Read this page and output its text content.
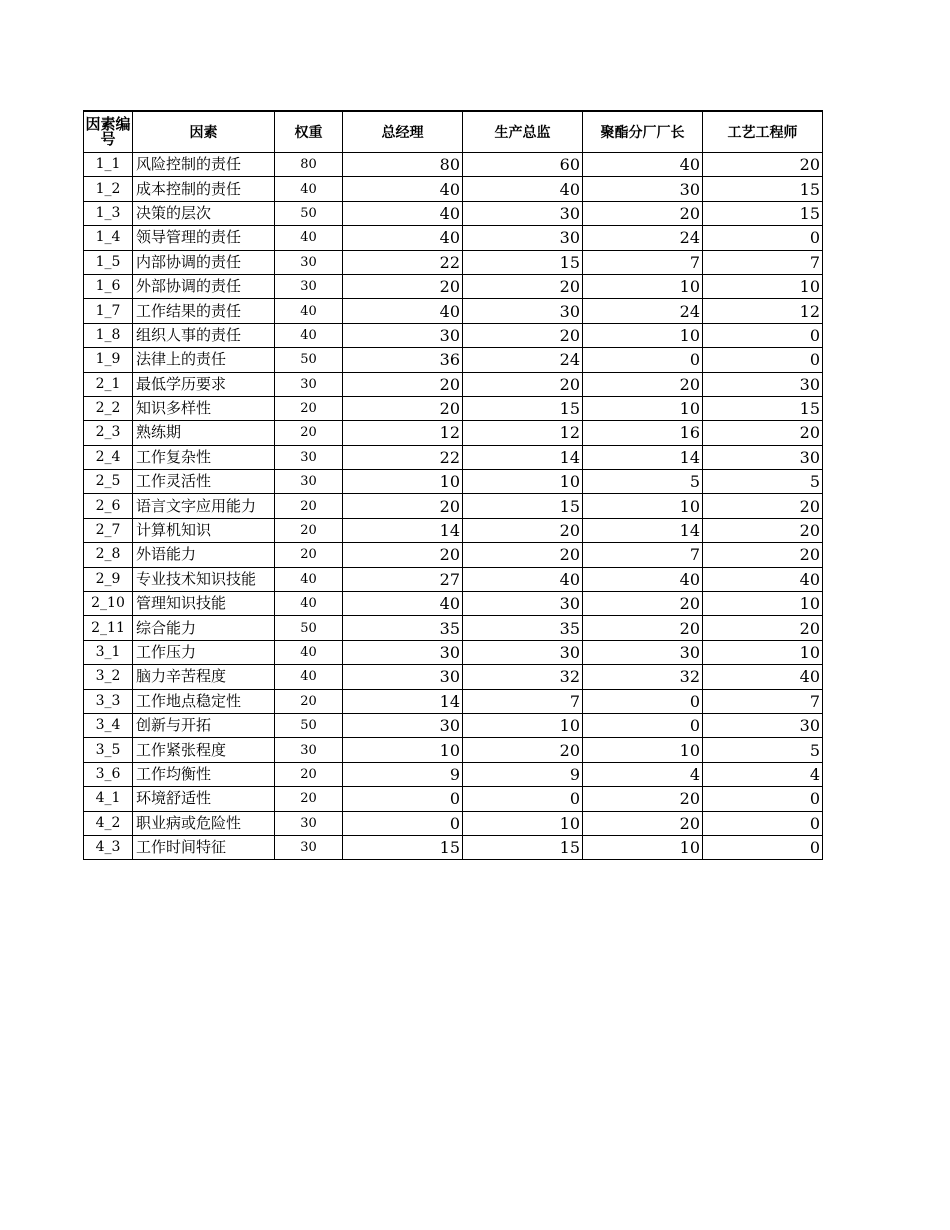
因素编号	因素	权重	总经理	生产总监	聚酯分厂厂长	工艺工程师
1_1	风险控制的责任	80	80	60	40	20
1_2	成本控制的责任	40	40	40	30	15
1_3	决策的层次	50	40	30	20	15
1_4	领导管理的责任	40	40	30	24	0
1_5	内部协调的责任	30	22	15	7	7
1_6	外部协调的责任	30	20	20	10	10
1_7	工作结果的责任	40	40	30	24	12
1_8	组织人事的责任	40	30	20	10	0
1_9	法律上的责任	50	36	24	0	0
2_1	最低学历要求	30	20	20	20	30
2_2	知识多样性	20	20	15	10	15
2_3	熟练期	20	12	12	16	20
2_4	工作复杂性	30	22	14	14	30
2_5	工作灵活性	30	10	10	5	5
2_6	语言文字应用能力	20	20	15	10	20
2_7	计算机知识	20	14	20	14	20
2_8	外语能力	20	20	20	7	20
2_9	专业技术知识技能	40	27	40	40	40
2_10	管理知识技能	40	40	30	20	10
2_11	综合能力	50	35	35	20	20
3_1	工作压力	40	30	30	30	10
3_2	脑力辛苦程度	40	30	32	32	40
3_3	工作地点稳定性	20	14	7	0	7
3_4	创新与开拓	50	30	10	0	30
3_5	工作紧张程度	30	10	20	10	5
3_6	工作均衡性	20	9	9	4	4
4_1	环境舒适性	20	0	0	20	0
4_2	职业病或危险性	30	0	10	20	0
4_3	工作时间特征	30	15	15	10	0
